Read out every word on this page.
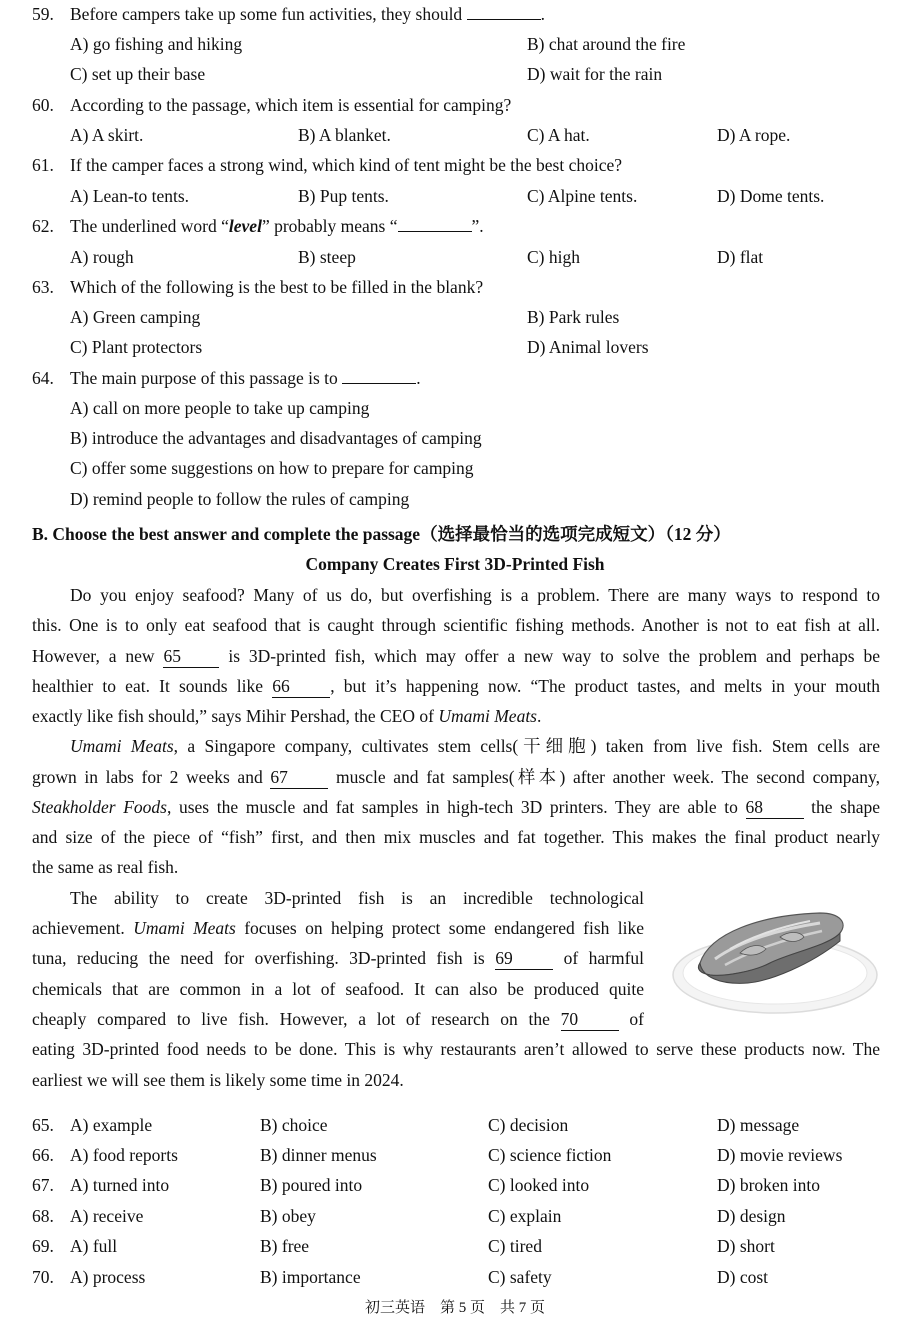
59. Before campers take up some fun activities, they should	.
A) go fishing and hiking	B) chat around the fire
C) set up their base	D) wait for the rain
60. According to the passage, which item is essential for camping?
A) A skirt.	B) A blanket.	C) A hat.	D) A rope.
61. If the camper faces a strong wind, which kind of tent might be the best choice?
A) Lean-to tents.	B) Pup tents.	C) Alpine tents.	D) Dome tents.
62. The underlined word “level” probably means “	”.
A) rough	B) steep	C) high	D) flat
63. Which of the following is the best to be filled in the blank?
A) Green camping	B) Park rules
C) Plant protectors	D) Animal lovers
64. The main purpose of this passage is to	.
A) call on more people to take up camping
B) introduce the advantages and disadvantages of camping
C) offer some suggestions on how to prepare for camping
D) remind people to follow the rules of camping
B. Choose the best answer and complete the passage（选择最恰当的选项完成短文）（12 分）
Company Creates First 3D-Printed Fish
Do you enjoy seafood? Many of us do, but overfishing is a problem. There are many ways to respond to
this. One is to only eat seafood that is caught through scientific fishing methods. Another is not to eat fish at all.
However, a new 65	is 3D-printed fish, which may offer a new way to solve the problem and perhaps be
healthier to eat. It sounds like 66 , but it’s happening now. “The product tastes, and melts in your mouth
exactly like fish should,” says Mihir Pershad, the CEO of Umami Meats.
Umami Meats, a Singapore company, cultivates stem cells(干细胞) taken from live fish. Stem cells are
grown in labs for 2 weeks and 67	muscle and fat samples(样本) after another week. The second company,
Steakholder Foods, uses the muscle and fat samples in high-tech 3D printers. They are able to 68	the shape
and size of the piece of “fish” first, and then mix muscles and fat together. This makes the final product nearly
the same as real fish.
The ability to create 3D-printed fish is an incredible technological
achievement. Umami Meats focuses on helping protect some endangered fish like
tuna, reducing the need for overfishing. 3D-printed fish is 69	of harmful
chemicals that are common in a lot of seafood. It can also be produced quite
cheaply compared to live fish. However, a lot of research on the 70	of
eating 3D-printed food needs to be done. This is why restaurants aren’t allowed to serve these products now. The
earliest we will see them is likely some time in 2024.
65. A) example	B) choice	C) decision	D) message
66. A) food reports	B) dinner menus	C) science fiction	D) movie reviews
67. A) turned into	B) poured into	C) looked into	D) broken into
68. A) receive	B) obey	C) explain	D) design
69. A) full	B) free	C) tired	D) short
70. A) process	B) importance	C) safety	D) cost
初三英语　第 5 页　共 7 页
